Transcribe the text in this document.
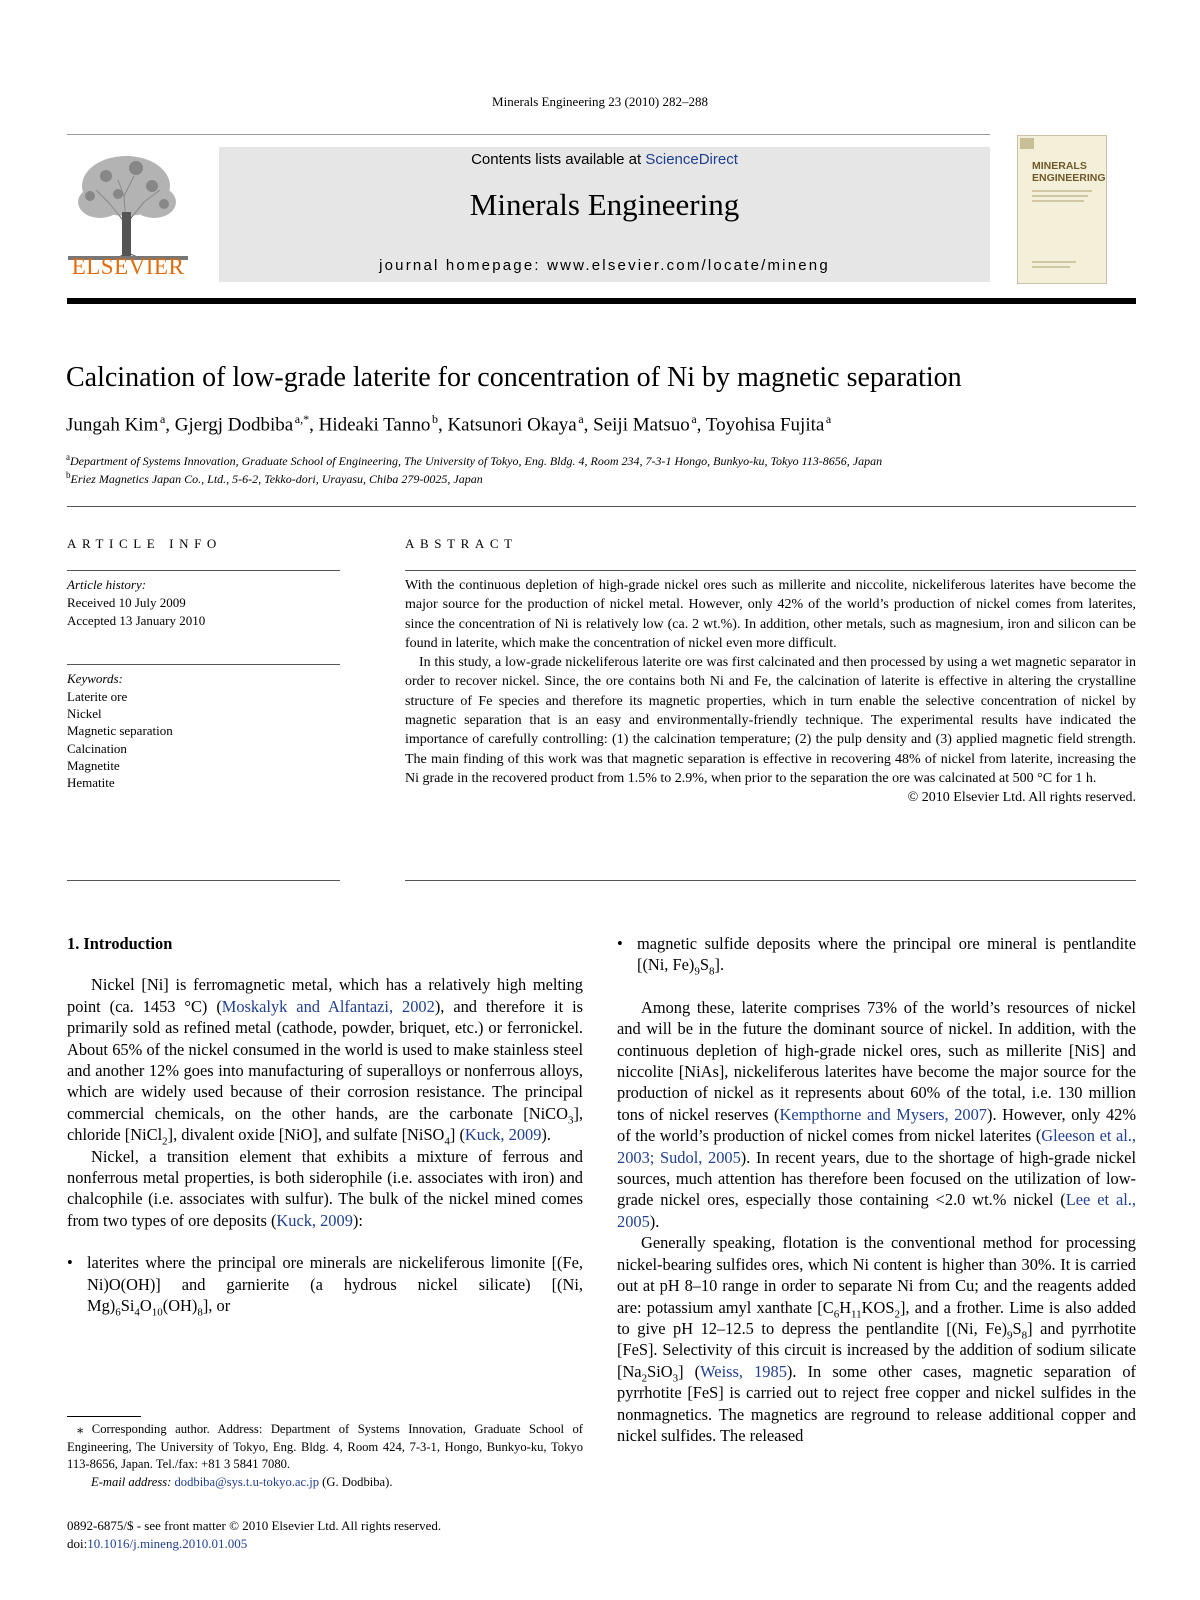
Minerals Engineering 23 (2010) 282–288
ELSEVIER
Contents lists available at ScienceDirect
Minerals Engineering
journal homepage: www.elsevier.com/locate/mineng
MINERALS
ENGINEERING
Calcination of low-grade laterite for concentration of Ni by magnetic separation
Jungah Kim  $^a$, Gjergj Dodbiba  $^{a,*}$, Hideaki Tanno  $^b$, Katsunori Okaya  $^a$, Seiji Matsuo  $^a$, Toyohisa Fujita  $^a$
$^a$Department of Systems Innovation, Graduate School of Engineering, The University of Tokyo, Eng. Bldg. 4, Room 234, 7-3-1 Hongo, Bunkyo-ku, Tokyo 113-8656, Japan
$^b$Eriez Magnetics Japan Co., Ltd., 5-6-2, Tekko-dori, Urayasu, Chiba 279-0025, Japan
ARTICLE INFO
Article history:
Received 10 July 2009
Accepted 13 January 2010
Keywords:
Laterite ore
Nickel
Magnetic separation
Calcination
Magnetite
Hematite
ABSTRACT

With the continuous depletion of high-grade nickel ores such as millerite and niccolite, nickeliferous laterites have become the major source for the production of nickel metal. However, only 42% of the world’s production of nickel comes from laterites, since the concentration of Ni is relatively low (ca. 2 wt.%). In addition, other metals, such as magnesium, iron and silicon can be found in laterite, which make the concentration of nickel even more difficult.

In this study, a low-grade nickeliferous laterite ore was first calcinated and then processed by using a wet magnetic separator in order to recover nickel. Since, the ore contains both Ni and Fe, the calcination of laterite is effective in altering the crystalline structure of Fe species and therefore its magnetic properties, which in turn enable the selective concentration of nickel by magnetic separation that is an easy and environmentally-friendly technique. The experimental results have indicated the importance of carefully controlling: (1) the calcination temperature; (2) the pulp density and (3) applied magnetic field strength. The main finding of this work was that magnetic separation is effective in recovering 48% of nickel from laterite, increasing the Ni grade in the recovered product from 1.5% to 2.9%, when prior to the separation the ore was calcinated at 500 °C for 1 h.

© 2010 Elsevier Ltd. All rights reserved.

1. Introduction

Nickel [Ni] is ferromagnetic metal, which has a relatively high melting point (ca. 1453 °C) (Moskalyk and Alfantazi, 2002), and therefore it is primarily sold as refined metal (cathode, powder, briquet, etc.) or ferronickel. About 65% of the nickel consumed in the world is used to make stainless steel and another 12% goes into manufacturing of superalloys or nonferrous alloys, which are widely used because of their corrosion resistance. The principal commercial chemicals, on the other hands, are the carbonate [NiCO$_3$], chloride [NiCl$_2$], divalent oxide [NiO], and sulfate [NiSO$_4$] (Kuck, 2009).

Nickel, a transition element that exhibits a mixture of ferrous and nonferrous metal properties, is both siderophile (i.e. associates with iron) and chalcophile (i.e. associates with sulfur). The bulk of the nickel mined comes from two types of ore deposits (Kuck, 2009):

• laterites where the principal ore minerals are nickeliferous limonite [(Fe, Ni)O(OH)] and garnierite (a hydrous nickel silicate) [(Ni, $Mg)_6Si_4O_{10}(OH)_8$], or

• magnetic sulfide deposits where the principal ore mineral is pentlandite [(Ni, $Fe)_9S_8$].

Among these, laterite comprises 73% of the world’s resources of nickel and will be in the future the dominant source of nickel. In addition, with the continuous depletion of high-grade nickel ores, such as millerite [NiS] and niccolite [NiAs], nickeliferous laterites have become the major source for the production of nickel as it represents about 60% of the total, i.e. 130 million tons of nickel reserves (Kempthorne and Mysers, 2007). However, only 42% of the world’s production of nickel comes from nickel laterites (Gleeson et al., 2003; Sudol, 2005). In recent years, due to the shortage of high-grade nickel sources, much attention has therefore been focused on the utilization of low-grade nickel ores, especially those containing <2.0 wt.% nickel (Lee et al., 2005).

Generally speaking, flotation is the conventional method for processing nickel-bearing sulfides ores, which Ni content is higher than 30%. It is carried out at pH 8–10 range in order to separate Ni from Cu; and the reagents added are: potassium amyl xanthate $[C_6H_{11}KOS_2]$, and a frother. Lime is also added to give pH 12–12.5 to depress the pentlandite [(Ni, $Fe)_9S_8$] and pyrrhotite [FeS]. Selectivity of this circuit is increased by the addition of sodium silicate $[Na_2SiO_3]$ (Weiss, 1985). In some other cases, magnetic separation of pyrrhotite [FeS] is carried out to reject free copper and nickel sulfides in the nonmagnetics. The magnetics are reground to release additional copper and nickel sulfides. The released

⁎ Corresponding author. Address: Department of Systems Innovation, Graduate School of Engineering, The University of Tokyo, Eng. Bldg. 4, Room 424, 7-3-1, Hongo, Bunkyo-ku, Tokyo 113-8656, Japan. Tel./fax: +81 3 5841 7080.

E-mail address: dodbiba@sys.t.u-tokyo.ac.jp (G. Dodbiba).

0892-6875/$ - see front matter © 2010 Elsevier Ltd. All rights reserved.
doi:10.1016/j.mineng.2010.01.005
